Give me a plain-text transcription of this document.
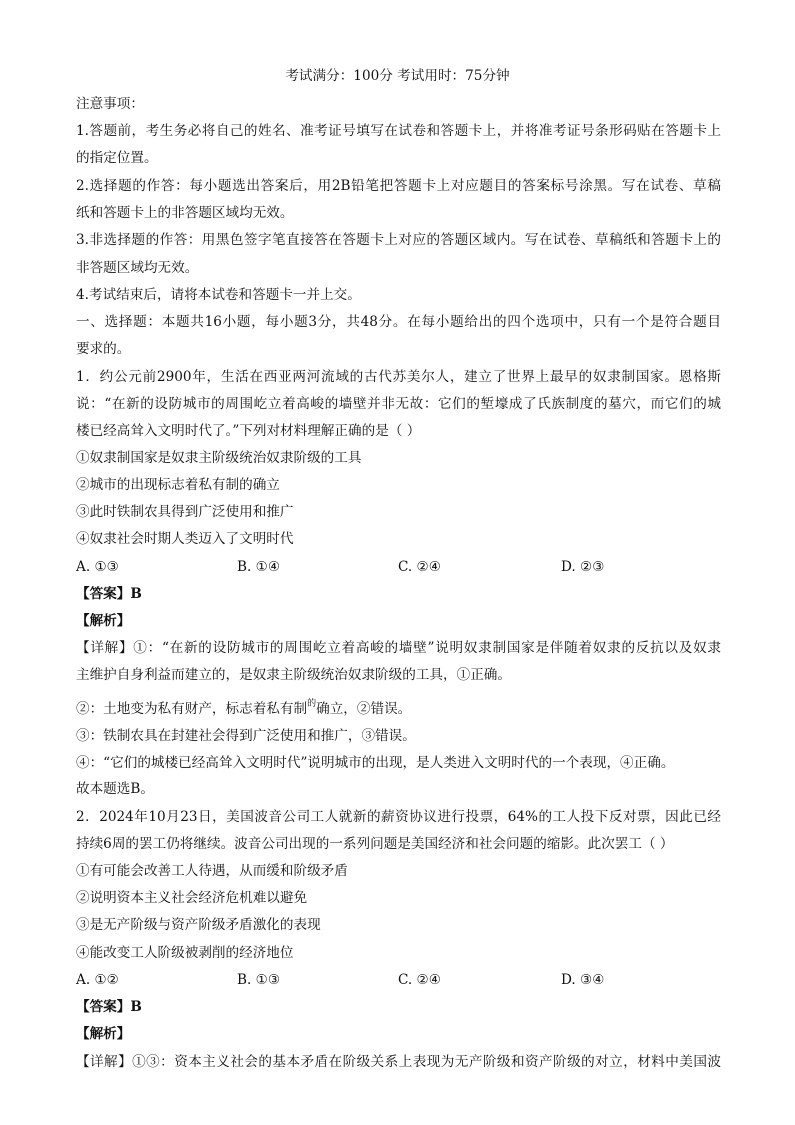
考试满分：100分 考试用时：75分钟
注意事项：
1.答题前，考生务必将自己的姓名、准考证号填写在试卷和答题卡上，并将准考证号条形码贴在答题卡上
的指定位置。
2.选择题的作答：每小题选出答案后，用2B铅笔把答题卡上对应题目的答案标号涂黑。写在试卷、草稿
纸和答题卡上的非答题区域均无效。
3.非选择题的作答：用黑色签字笔直接答在答题卡上对应的答题区域内。写在试卷、草稿纸和答题卡上的
非答题区域均无效。
4.考试结束后，请将本试卷和答题卡一并上交。
一、选择题：本题共16小题，每小题3分，共48分。在每小题给出的四个选项中，只有一个是符合题目
要求的。
1．约公元前2900年，生活在西亚两河流域的古代苏美尔人，建立了世界上最早的奴隶制国家。恩格斯
说：“在新的设防城市的周围屹立着高峻的墙壁并非无故：它们的堑壕成了氏族制度的墓穴，而它们的城
楼已经高耸入文明时代了。”下列对材料理解正确的是（ ）
①奴隶制国家是奴隶主阶级统治奴隶阶级的工具
②城市的出现标志着私有制的确立
③此时铁制农具得到广泛使用和推广
④奴隶社会时期人类迈入了文明时代
A. ①③	B. ①④	C. ②④	D. ②③
【答案】B
【解析】
【详解】①：“在新的设防城市的周围屹立着高峻的墙壁”说明奴隶制国家是伴随着奴隶的反抗以及奴隶
主维护自身利益而建立的，是奴隶主阶级统治奴隶阶级的工具，①正确。
②：土地变为私有财产，标志着私有制$^的$确立，②错误。
③：铁制农具在封建社会得到广泛使用和推广，③错误。
④：“它们的城楼已经高耸入文明时代”说明城市的出现，是人类进入文明时代的一个表现，④正确。
故本题选B。
2．2024年10月23日，美国波音公司工人就新的薪资协议进行投票，64%的工人投下反对票，因此已经
持续6周的罢工仍将继续。波音公司出现的一系列问题是美国经济和社会问题的缩影。此次罢工（ ）
①有可能会改善工人待遇，从而缓和阶级矛盾
②说明资本主义社会经济危机难以避免
③是无产阶级与资产阶级矛盾激化的表现
④能改变工人阶级被剥削的经济地位
A. ①②	B. ①③	C. ②④	D. ③④
【答案】B
【解析】
【详解】①③：资本主义社会的基本矛盾在阶级关系上表现为无产阶级和资产阶级的对立，材料中美国波
